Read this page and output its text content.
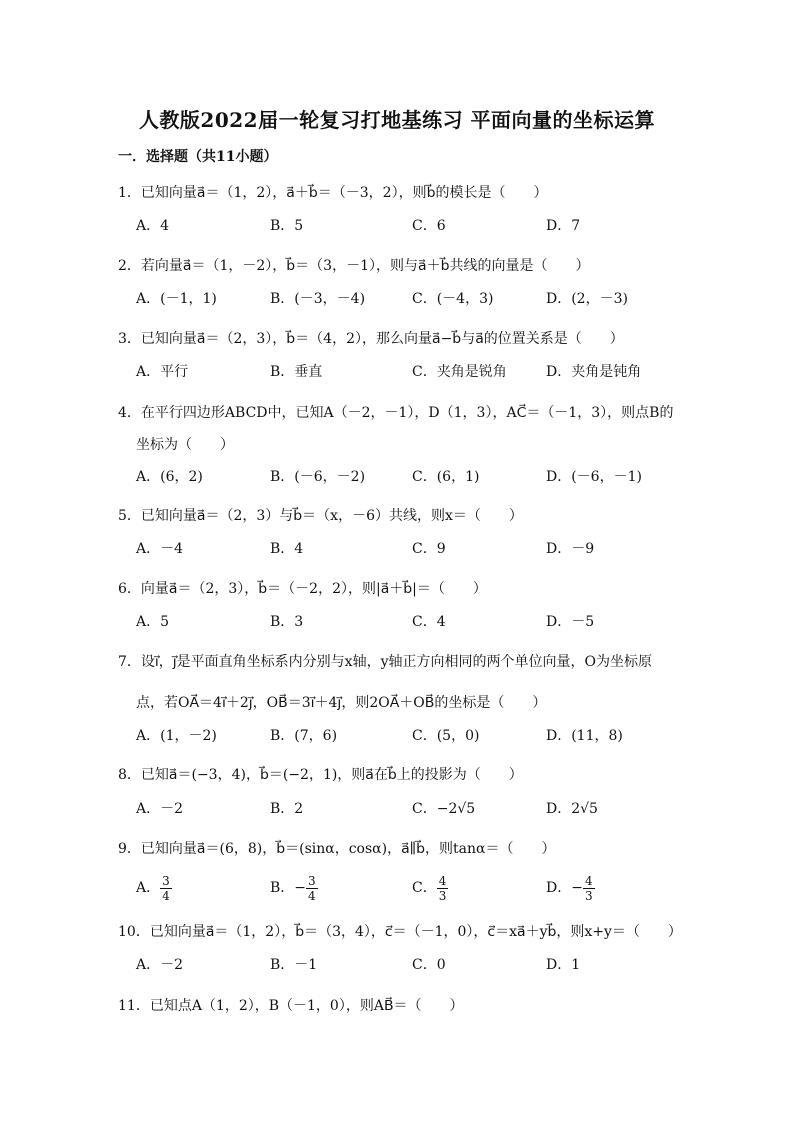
人教版2022届一轮复习打地基练习 平面向量的坐标运算
一．选择题（共11小题）
1．已知向量a⃗＝（1，2），a⃗＋b⃗＝（－3，2），则b⃗的模长是（　　）
A．4	B．5	C．6	D．7
2．若向量a⃗＝（1，－2），b⃗＝（3，－1），则与a⃗＋b⃗共线的向量是（　　）
A．(－1，1)	B．(－3，－4)	C．(－4，3)	D．(2，－3)
3．已知向量a⃗＝（2，3），b⃗＝（4，2），那么向量a⃗−b⃗与a⃗的位置关系是（　　）
A．平行	B．垂直	C．夹角是锐角	D．夹角是钝角
4．在平行四边形ABCD中，已知A（－2，－1），D（1，3），AC⃗＝（－1，3），则点B的
坐标为（　　）
A．(6，2)	B．(－6，－2)	C．(6，1)	D．(－6，－1)
5．已知向量a⃗＝（2，3）与b⃗＝（x，－6）共线，则x＝（　　）
A．－4	B．4	C．9	D．－9
6．向量a⃗＝（2，3），b⃗＝（－2，2），则|a⃗＋b⃗|＝（　　）
A．5	B．3	C．4	D．－5
7．设i⃗，j⃗是平面直角坐标系内分别与x轴，y轴正方向相同的两个单位向量，O为坐标原
点，若OA⃗＝4i⃗＋2j⃗，OB⃗＝3i⃗＋4j⃗，则2OA⃗＋OB⃗的坐标是（　　）
A．(1，－2)	B．(7，6)	C．(5，0)	D．(11，8)
8．已知a⃗＝(−3，4)，b⃗＝(−2，1)，则a⃗在b⃗上的投影为（　　）
A．－2	B．2	C．−2√5	D．2√5
9．已知向量a⃗＝(6，8)，b⃗＝(sinα，cosα)，a⃗∥b⃗，则tanα＝（　　）
A． $\frac{3}{4}$	B．− $\frac{3}{4}$	C． $\frac{4}{3}$	D．− $\frac{4}{3}$
10．已知向量a⃗＝（1，2），b⃗＝（3，4），c⃗＝（－1，0），c⃗＝xa⃗＋yb⃗，则x+y＝（　　）
A．－2	B．－1	C．0	D．1
11．已知点A（1，2），B（－1，0），则AB⃗＝（　　）
